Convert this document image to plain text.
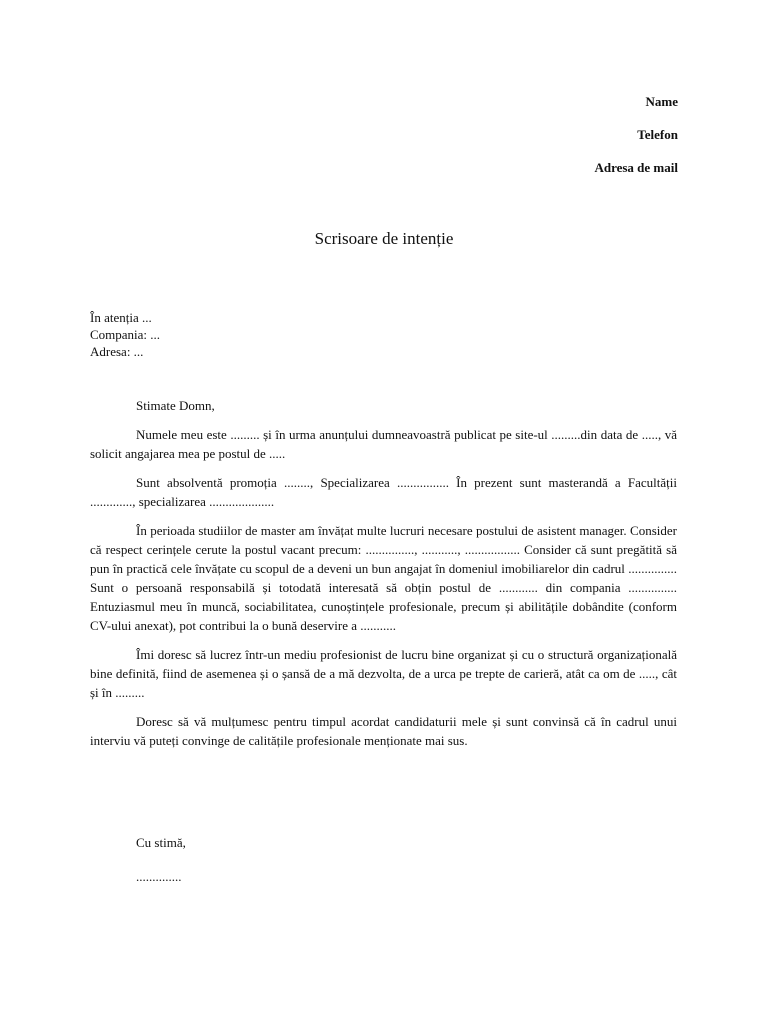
Name
Telefon
Adresa de mail
Scrisoare de intenție
În atenția ...
Compania: ...
Adresa: ...

Stimate Domn,

Numele meu este ......... și în urma anunțului dumneavoastră publicat pe site-ul .........din data de ....., vă solicit angajarea mea pe postul de .....

Sunt absolventă promoția ........, Specializarea ................ În prezent sunt masterandă a Facultății ............., specializarea ....................

În perioada studiilor de master am învățat multe lucruri necesare postului de asistent manager. Consider că respect cerințele cerute la postul vacant precum: ..............., ..........., ................. Consider că sunt pregătită să pun în practică cele învățate cu scopul de a deveni un bun angajat în domeniul imobiliarelor din cadrul ............... Sunt o persoană responsabilă și totodată interesată să obțin postul de ............ din compania ............... Entuziasmul meu în muncă, sociabilitatea, cunoștințele profesionale, precum și abilitățile dobândite (conform CV-ului anexat), pot contribui la o bună deservire a ...........

Îmi doresc să lucrez într-un mediu profesionist de lucru bine organizat și cu o structură organizațională bine definită, fiind de asemenea și o șansă de a mă dezvolta, de a urca pe trepte de carieră, atât ca om de ....., cât și în .........

Doresc să vă mulțumesc pentru timpul acordat candidaturii mele și sunt convinsă că în cadrul unui interviu vă puteți convinge de calitățile profesionale menționate mai sus.

Cu stimă,
..............
